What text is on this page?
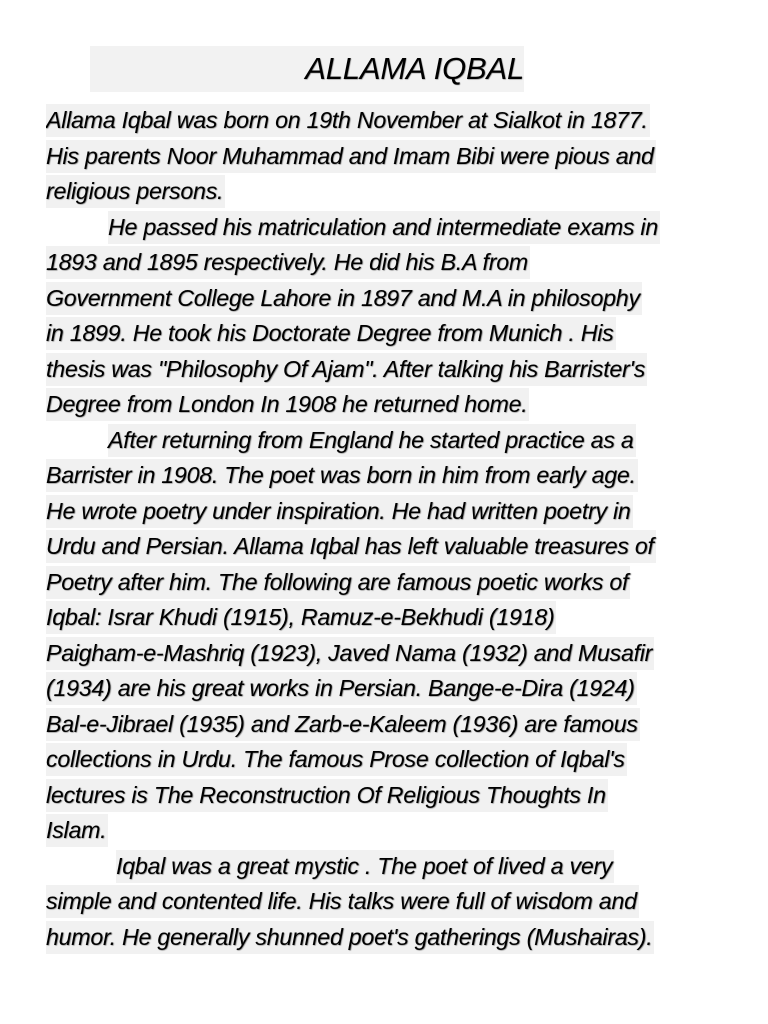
ALLAMA IQBAL
Allama Iqbal was born on 19th November at Sialkot in 1877.
His parents Noor Muhammad and Imam Bibi were pious and
religious persons.
He passed his matriculation and intermediate exams in
1893 and 1895 respectively. He did his B.A from
Government College Lahore in 1897 and M.A in philosophy
in 1899. He took his Doctorate Degree from Munich . His
thesis was "Philosophy Of Ajam". After talking his Barrister's
Degree from London In 1908 he returned home.
After returning from England he started practice as a
Barrister in 1908. The poet was born in him from early age.
He wrote poetry under inspiration. He had written poetry in
Urdu and Persian. Allama Iqbal has left valuable treasures of
Poetry after him. The following are famous poetic works of
Iqbal: Israr Khudi (1915), Ramuz-e-Bekhudi (1918)
Paigham-e-Mashriq (1923), Javed Nama (1932) and Musafir
(1934) are his great works in Persian. Bange-e-Dira (1924)
Bal-e-Jibrael (1935) and Zarb-e-Kaleem (1936) are famous
collections in Urdu. The famous Prose collection of Iqbal's
lectures is The Reconstruction Of Religious Thoughts In
Islam.
Iqbal was a great mystic . The poet of lived a very
simple and contented life. His talks were full of wisdom and
humor. He generally shunned poet's gatherings (Mushairas).
